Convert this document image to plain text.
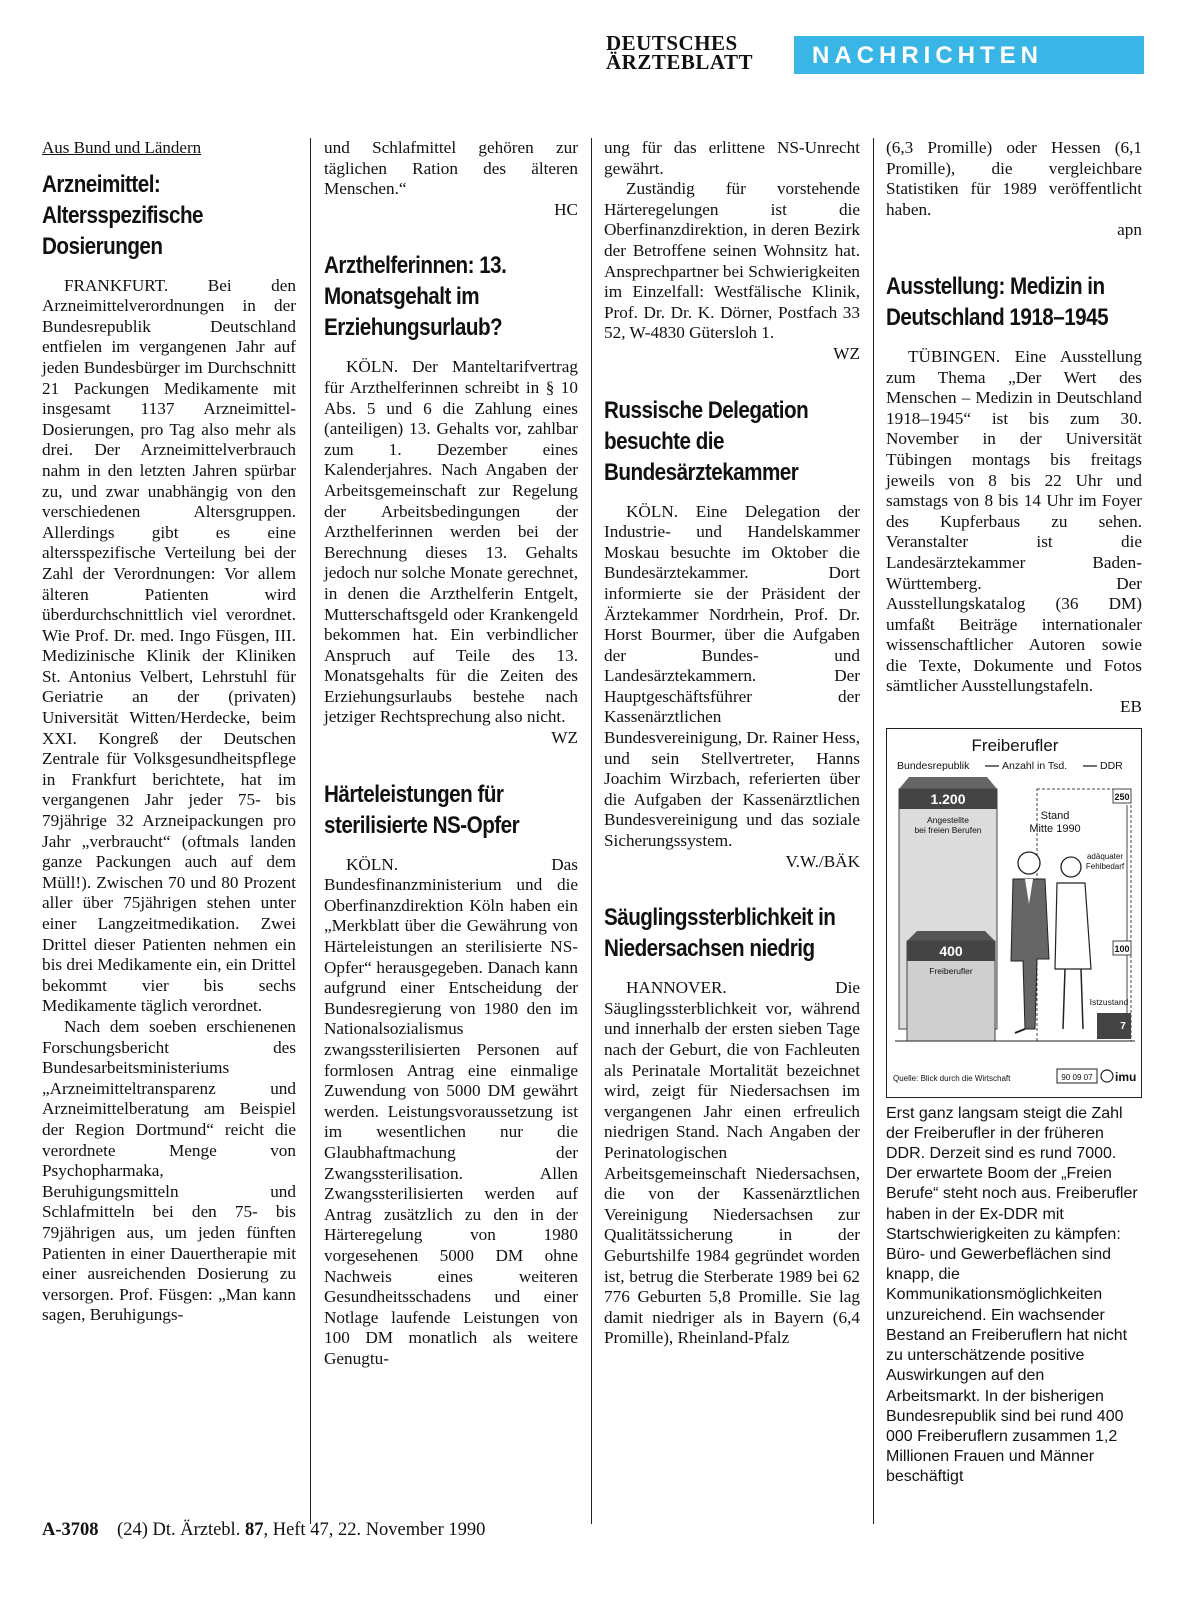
DEUTSCHES
ÄRZTEBLATT	NACHRICHTEN
Aus Bund und Ländern
Arzneimittel: Altersspezifische Dosierungen

FRANKFURT. Bei den Arzneimittelverordnungen in der Bundesrepublik Deutschland entfielen im vergangenen Jahr auf jeden Bundesbürger im Durchschnitt 21 Packungen Medikamente mit insgesamt 1137 Arzneimittel-Dosierungen, pro Tag also mehr als drei. Der Arzneimittelverbrauch nahm in den letzten Jahren spürbar zu, und zwar unabhängig von den verschiedenen Altersgruppen. Allerdings gibt es eine altersspezifische Verteilung bei der Zahl der Verordnungen: Vor allem älteren Patienten wird überdurchschnittlich viel verordnet. Wie Prof. Dr. med. Ingo Füsgen, III. Medizinische Klinik der Kliniken St. Antonius Velbert, Lehrstuhl für Geriatrie an der (privaten) Universität Witten/Herdecke, beim XXI. Kongreß der Deutschen Zentrale für Volksgesundheitspflege in Frankfurt berichtete, hat im vergangenen Jahr jeder 75- bis 79jährige 32 Arzneipackungen pro Jahr „verbraucht“ (oftmals landen ganze Packungen auch auf dem Müll!). Zwischen 70 und 80 Prozent aller über 75jährigen stehen unter einer Langzeitmedikation. Zwei Drittel dieser Patienten nehmen ein bis drei Medikamente ein, ein Drittel bekommt vier bis sechs Medikamente täglich verordnet.

Nach dem soeben erschienenen Forschungsbericht des Bundesarbeitsministeriums „Arzneimitteltransparenz und Arzneimittelberatung am Beispiel der Region Dortmund“ reicht die verordnete Menge von Psychopharmaka, Beruhigungsmitteln und Schlafmitteln bei den 75- bis 79jährigen aus, um jeden fünften Patienten in einer Dauertherapie mit einer ausreichenden Dosierung zu versorgen. Prof. Füsgen: „Man kann sagen, Beruhigungs-

und Schlafmittel gehören zur täglichen Ration des älteren Menschen.“

HC
Arzthelferinnen: 13. Monatsgehalt im Erziehungsurlaub?

KÖLN. Der Manteltarifvertrag für Arzthelferinnen schreibt in § 10 Abs. 5 und 6 die Zahlung eines (anteiligen) 13. Gehalts vor, zahlbar zum 1. Dezember eines Kalenderjahres. Nach Angaben der Arbeitsgemeinschaft zur Regelung der Arbeitsbedingungen der Arzthelferinnen werden bei der Berechnung dieses 13. Gehalts jedoch nur solche Monate gerechnet, in denen die Arzthelferin Entgelt, Mutterschaftsgeld oder Krankengeld bekommen hat. Ein verbindlicher Anspruch auf Teile des 13. Monatsgehalts für die Zeiten des Erziehungsurlaubs bestehe nach jetziger Rechtsprechung also nicht.

WZ
Härteleistungen für sterilisierte NS-Opfer

KÖLN. Das Bundesfinanzministerium und die Oberfinanzdirektion Köln haben ein „Merkblatt über die Gewährung von Härteleistungen an sterilisierte NS-Opfer“ herausgegeben. Danach kann aufgrund einer Entscheidung der Bundesregierung von 1980 den im Nationalsozialismus zwangssterilisierten Personen auf formlosen Antrag eine einmalige Zuwendung von 5000 DM gewährt werden. Leistungsvoraussetzung ist im wesentlichen nur die Glaubhaftmachung der Zwangssterilisation. Allen Zwangssterilisierten werden auf Antrag zusätzlich zu den in der Härteregelung von 1980 vorgesehenen 5000 DM ohne Nachweis eines weiteren Gesundheitsschadens und einer Notlage laufende Leistungen von 100 DM monatlich als weitere Genugtu-

ung für das erlittene NS-Unrecht gewährt.

Zuständig für vorstehende Härteregelungen ist die Oberfinanzdirektion, in deren Bezirk der Betroffene seinen Wohnsitz hat. Ansprechpartner bei Schwierigkeiten im Einzelfall: Westfälische Klinik, Prof. Dr. Dr. K. Dörner, Postfach 33 52, W-4830 Gütersloh 1.

WZ
Russische Delegation besuchte die Bundesärztekammer

KÖLN. Eine Delegation der Industrie- und Handelskammer Moskau besuchte im Oktober die Bundesärztekammer. Dort informierte sie der Präsident der Ärztekammer Nordrhein, Prof. Dr. Horst Bourmer, über die Aufgaben der Bundes- und Landesärztekammern. Der Hauptgeschäftsführer der Kassenärztlichen Bundesvereinigung, Dr. Rainer Hess, und sein Stellvertreter, Hanns Joachim Wirzbach, referierten über die Aufgaben der Kassenärztlichen Bundesvereinigung und das soziale Sicherungssystem.

V.W./BÄK
Säuglingssterblichkeit in Niedersachsen niedrig

HANNOVER. Die Säuglingssterblichkeit vor, während und innerhalb der ersten sieben Tage nach der Geburt, die von Fachleuten als Perinatale Mortalität bezeichnet wird, zeigt für Niedersachsen im vergangenen Jahr einen erfreulich niedrigen Stand. Nach Angaben der Perinatologischen Arbeitsgemeinschaft Niedersachsen, die von der Kassenärztlichen Vereinigung Niedersachsen zur Qualitätssicherung in der Geburtshilfe 1984 gegründet worden ist, betrug die Sterberate 1989 bei 62 776 Geburten 5,8 Promille. Sie lag damit niedriger als in Bayern (6,4 Promille), Rheinland-Pfalz

(6,3 Promille) oder Hessen (6,1 Promille), die vergleichbare Statistiken für 1989 veröffentlicht haben.

apn
Ausstellung: Medizin in Deutschland 1918–1945

TÜBINGEN. Eine Ausstellung zum Thema „Der Wert des Menschen – Medizin in Deutschland 1918–1945“ ist bis zum 30. November in der Universität Tübingen montags bis freitags jeweils von 8 bis 22 Uhr und samstags von 8 bis 14 Uhr im Foyer des Kupferbaus zu sehen. Veranstalter ist die Landesärztekammer Baden-Württemberg. Der Ausstellungskatalog (36 DM) umfaßt Beiträge internationaler wissenschaftlicher Autoren sowie die Texte, Dokumente und Fotos sämtlicher Ausstellungstafeln.

EB
Freiberufler
Bundesrepublik	Anzahl in Tsd.	DDR
1.200
Angestellte
bei freien Berufen
400
Freiberufler
250
Stand
Mitte 1990
adäquater
Fehlbedarf
100
Istzustand
7
Quelle: Blick durch die Wirtschaft	90 09 07 imu
Erst ganz langsam steigt die Zahl der Freiberufler in der früheren DDR. Derzeit sind es rund 7000. Der erwartete Boom der „Freien Berufe“ steht noch aus. Freiberufler haben in der Ex-DDR mit Startschwierigkeiten zu kämpfen: Büro- und Gewerbeflächen sind knapp, die Kommunikationsmöglichkeiten unzureichend. Ein wachsender Bestand an Freiberuflern hat nicht zu unterschätzende positive Auswirkungen auf den Arbeitsmarkt. In der bisherigen Bundesrepublik sind bei rund 400 000 Freiberuflern zusammen 1,2 Millionen Frauen und Männer beschäftigt
A-3708 (24) Dt. Ärztebl. 87, Heft 47, 22. November 1990
